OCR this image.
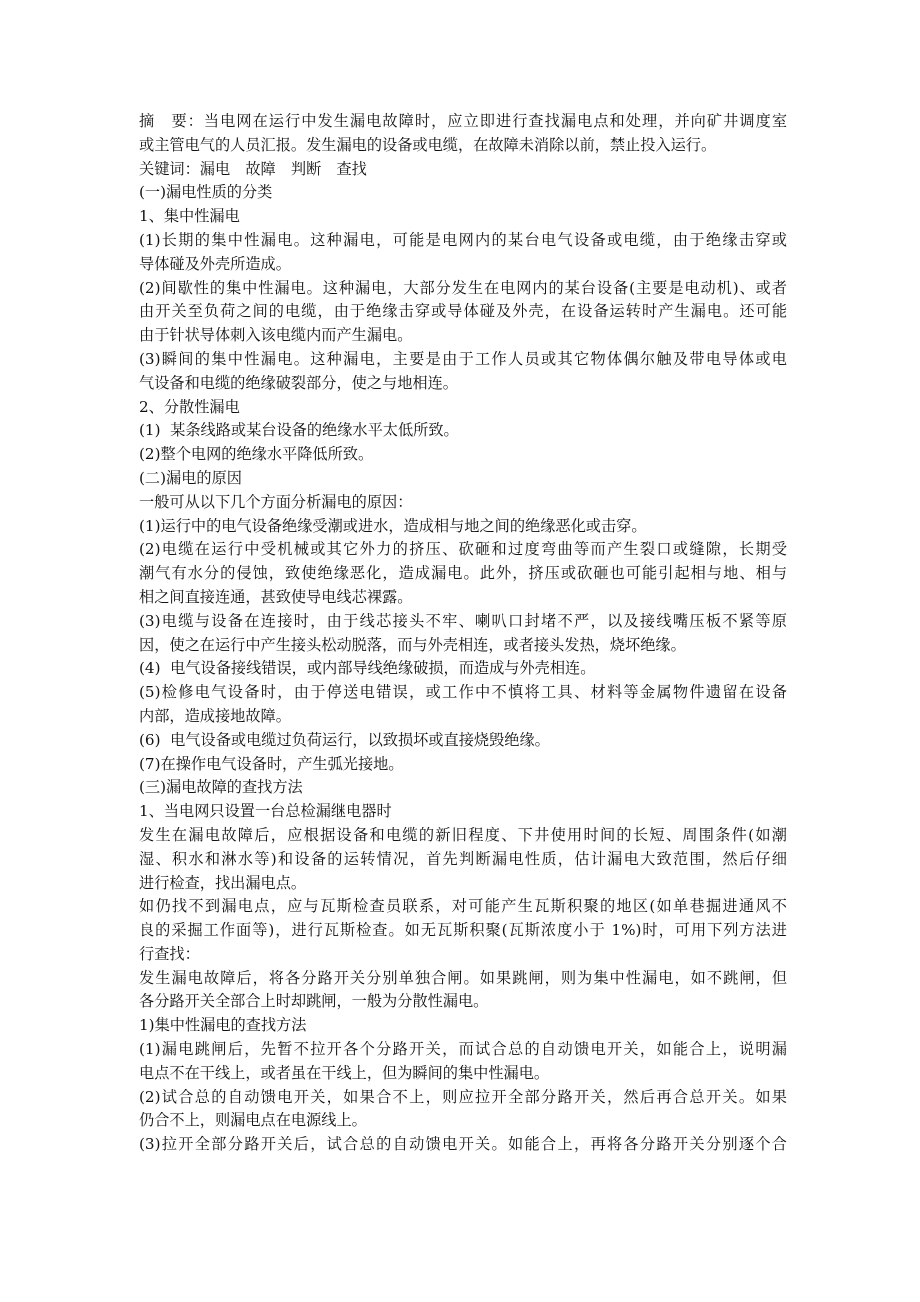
摘　要：当电网在运行中发生漏电故障时，应立即进行查找漏电点和处理，并向矿井调度室
或主管电气的人员汇报。发生漏电的设备或电缆，在故障未消除以前，禁止投入运行。
关键词：漏电　故障　判断　查找
(一)漏电性质的分类
1、集中性漏电
(1)长期的集中性漏电。这种漏电，可能是电网内的某台电气设备或电缆，由于绝缘击穿或
导体碰及外壳所造成。
(2)间歇性的集中性漏电。这种漏电，大部分发生在电网内的某台设备(主要是电动机)、或者
由开关至负荷之间的电缆，由于绝缘击穿或导体碰及外壳，在设备运转时产生漏电。还可能
由于针状导体刺入该电缆内而产生漏电。
(3)瞬间的集中性漏电。这种漏电，主要是由于工作人员或其它物体偶尔触及带电导体或电
气设备和电缆的绝缘破裂部分，使之与地相连。
2、分散性漏电
(1)  某条线路或某台设备的绝缘水平太低所致。
(2)整个电网的绝缘水平降低所致。
(二)漏电的原因
一般可从以下几个方面分析漏电的原因：
(1)运行中的电气设备绝缘受潮或进水，造成相与地之间的绝缘恶化或击穿。
(2)电缆在运行中受机械或其它外力的挤压、砍砸和过度弯曲等而产生裂口或缝隙，长期受
潮气有水分的侵蚀，致使绝缘恶化，造成漏电。此外，挤压或砍砸也可能引起相与地、相与
相之间直接连通，甚致使导电线芯裸露。
(3)电缆与设备在连接时，由于线芯接头不牢、喇叭口封堵不严，以及接线嘴压板不紧等原
因，使之在运行中产生接头松动脱落，而与外壳相连，或者接头发热，烧坏绝缘。
(4)  电气设备接线错误，或内部导线绝缘破损，而造成与外壳相连。
(5)检修电气设备时，由于停送电错误，或工作中不慎将工具、材料等金属物件遗留在设备
内部，造成接地故障。
(6)  电气设备或电缆过负荷运行，以致损坏或直接烧毁绝缘。
(7)在操作电气设备时，产生弧光接地。
(三)漏电故障的查找方法
1、当电网只设置一台总检漏继电器时
发生在漏电故障后，应根据设备和电缆的新旧程度、下井使用时间的长短、周围条件(如潮
湿、积水和淋水等)和设备的运转情况，首先判断漏电性质，估计漏电大致范围，然后仔细
进行检查，找出漏电点。
如仍找不到漏电点，应与瓦斯检查员联系，对可能产生瓦斯积聚的地区(如单巷掘进通风不
良的采掘工作面等)，进行瓦斯检查。如无瓦斯积聚(瓦斯浓度小于 1%)时，可用下列方法进
行查找：
发生漏电故障后，将各分路开关分别单独合闸。如果跳闸，则为集中性漏电，如不跳闸，但
各分路开关全部合上时却跳闸，一般为分散性漏电。
1)集中性漏电的查找方法
(1)漏电跳闸后，先暂不拉开各个分路开关，而试合总的自动馈电开关，如能合上，说明漏
电点不在干线上，或者虽在干线上，但为瞬间的集中性漏电。
(2)试合总的自动馈电开关，如果合不上，则应拉开全部分路开关，然后再合总开关。如果
仍合不上，则漏电点在电源线上。
(3)拉开全部分路开关后，试合总的自动馈电开关。如能合上，再将各分路开关分别逐个合
